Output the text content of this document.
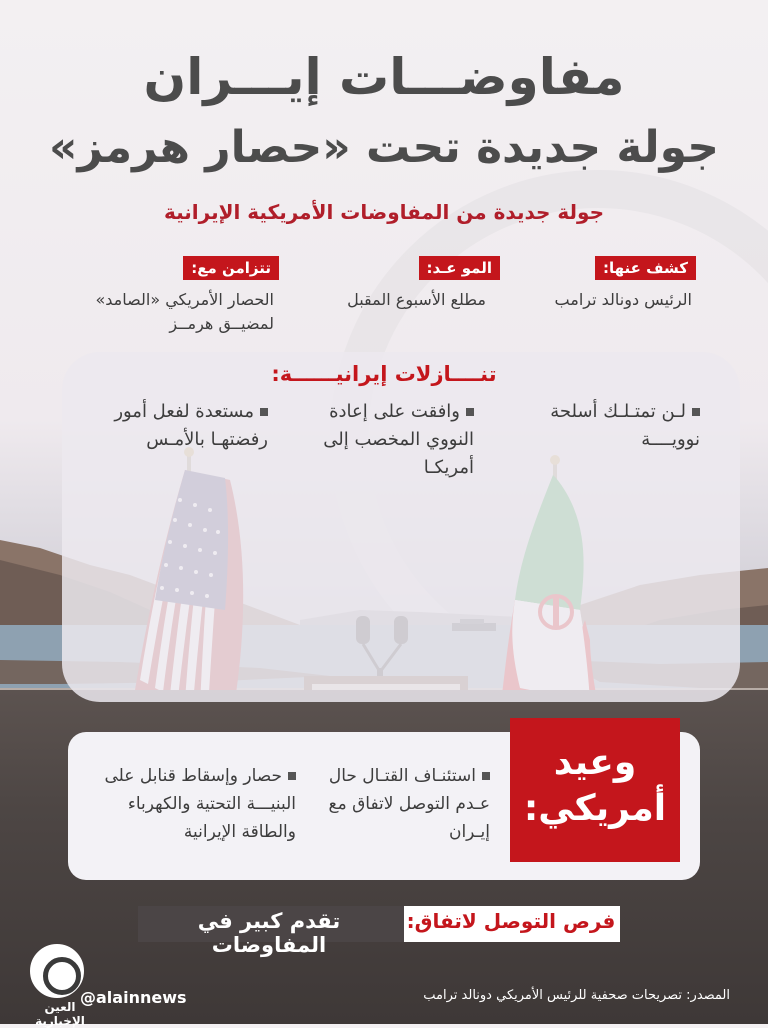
مفاوضـــات إيـــران
جولة جديدة تحت «حصار هرمز»
جولة جديدة من المفاوضات الأمريكية الإيرانية
كشف عنها:
الرئيس دونالد ترامب
المو عـد:
مطلع الأسبوع المقبل
تتزامن مع:
الحصار الأمريكي «الصامد» لمضيــق هرمــز
تنــــازلات إيرانيــــــة:
لـن تمتـلـك أسلحة نوويــــة
وافقت على إعادة النووي المخصب إلى أمريكـا
مستعدة لفعل أمور رفضتهـا بالأمـس
وعيد
أمريكي:
استئنـاف القتـال حال عـدم التوصل لاتفاق مع إيـران
حصار وإسقاط قنابل على البنيـــة التحتية والكهرباء والطاقة الإيرانية
فرص التوصل لاتفاق:
تقدم كبير في المفاوضات
المصدر: تصريحات صحفية للرئيس الأمريكي دونالد ترامب
العين الإخبارية
@alainnews
